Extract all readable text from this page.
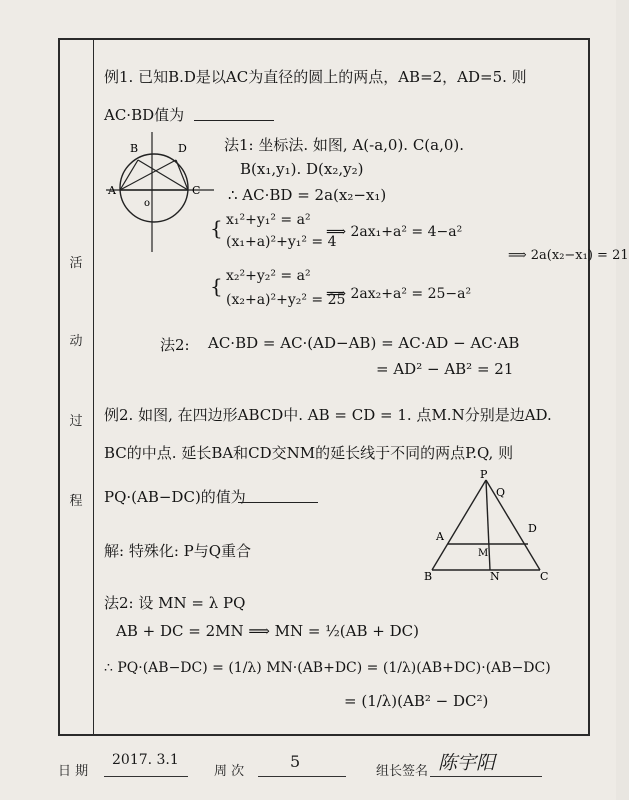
活
动
过
程
例1. 已知B.D是以AC为直径的圆上的两点，AB=2，AD=5. 则
AC·BD值为
B	D
A	C
o
法1: 坐标法. 如图, A(-a,0). C(a,0).
B(x₁,y₁). D(x₂,y₂)
∴ AC·BD = 2a(x₂−x₁)
{ x₁²+y₁² = a²
(x₁+a)²+y₁² = 4
⟹ 2ax₁+a² = 4−a²
{ x₂²+y₂² = a²
(x₂+a)²+y₂² = 25
⟹ 2ax₂+a² = 25−a²
⟹ 2a(x₂−x₁) = 21
法2: AC·BD = AC·(AD−AB) = AC·AD − AC·AB
= AD² − AB² = 21
例2. 如图, 在四边形ABCD中. AB = CD = 1. 点M.N分别是边AD.
BC的中点. 延长BA和CD交NM的延长线于不同的两点P.Q, 则
PQ·(AB−DC)的值为
P
Q
A
D
M
B	N	C
解: 特殊化: P与Q重合
法2: 设 MN = λ PQ
AB + DC = 2MN ⟹ MN = ½(AB + DC)
∴ PQ·(AB−DC) = (1/λ) MN·(AB+DC) = (1/λ)(AB+DC)·(AB−DC)
= (1/λ)(AB² − DC²)
日 期
2017. 3.1
周 次
5
组长签名 陈宇阳
